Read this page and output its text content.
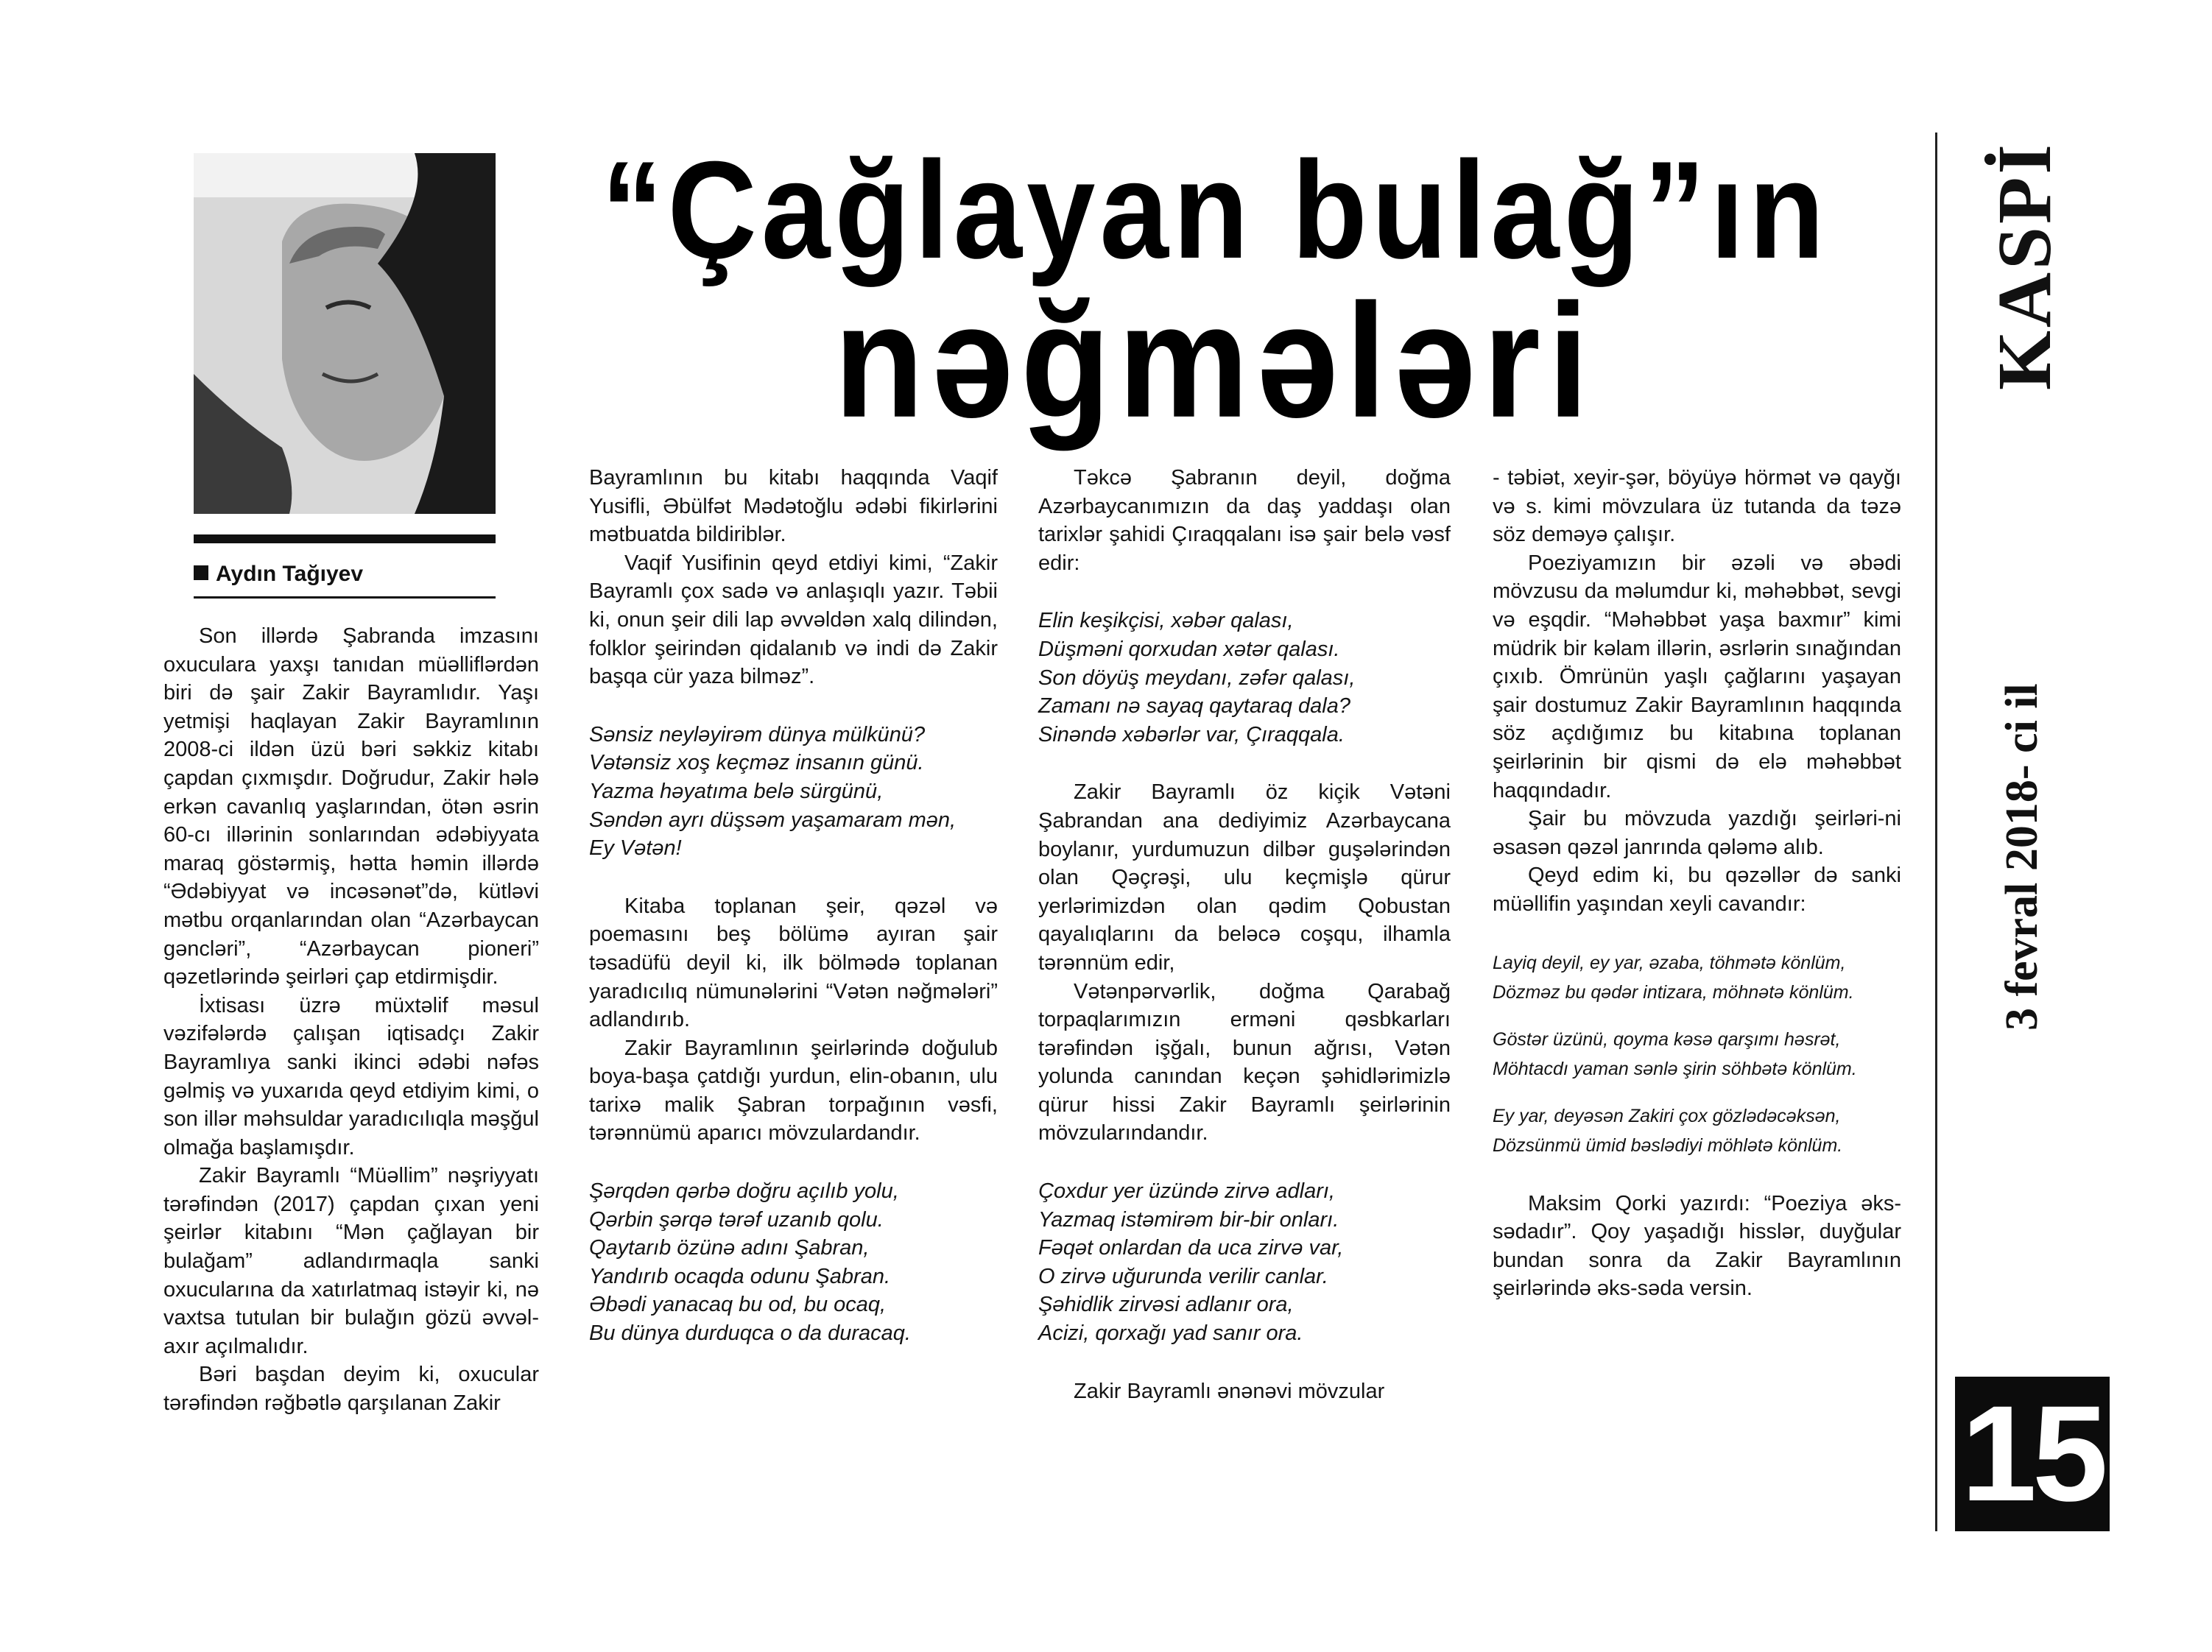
Aydın Tağıyev
“Çağlayan bulağ”ın
nəğmələri

Son illərdə Şabranda imzasını oxuculara yaxşı tanıdan müəlliflərdən biri də şair Zakir Bayramlıdır. Yaşı yetmişi haqlayan Zakir Bayramlının 2008-ci ildən üzü bəri səkkiz kitabı çapdan çıxmışdır. Doğrudur, Zakir hələ erkən cavanlıq yaşlarından, ötən əsrin 60-cı illərinin sonlarından ədəbiyyata maraq göstərmiş, hətta həmin illərdə “Ədəbiyyat və incəsənət”də, kütləvi mətbu orqanlarından olan “Azərbaycan gəncləri”, “Azərbaycan pioneri” qəzetlərində şeirləri çap etdirmişdir.

İxtisası üzrə müxtəlif məsul vəzifələrdə çalışan iqtisadçı Zakir Bayramlıya sanki ikinci ədəbi nəfəs gəlmiş və yuxarıda qeyd etdiyim kimi, o son illər məhsuldar yaradıcılıqla məşğul olmağa başlamışdır.

Zakir Bayramlı “Müəllim” nəşriyyatı tərəfindən (2017) çapdan çıxan yeni şeirlər kitabını “Mən çağlayan bir bulağam” adlandırmaqla sanki oxucularına da xatırlatmaq istəyir ki, nə vaxtsa tutulan bir bulağın gözü əvvəl-axır açılmalıdır.

Bəri başdan deyim ki, oxucular tərəfindən rəğbətlə qarşılanan Zakir

Bayramlının bu kitabı haqqında Vaqif Yusifli, Əbülfət Mədətoğlu ədəbi fikirlərini mətbuatda bildiriblər.

Vaqif Yusifinin qeyd etdiyi kimi, “Zakir Bayramlı çox sadə və anlaşıqlı yazır. Təbii ki, onun şeir dili lap əvvəldən xalq dilindən, folklor şeirindən qidalanıb və indi də Zakir başqa cür yaza bilməz”.

Sənsiz neyləyirəm dünya mülkünü?
Vətənsiz xoş keçməz insanın günü.
Yazma həyatıma belə sürgünü,
Səndən ayrı düşsəm yaşamaram mən,
Ey Vətən!

Kitaba toplanan şeir, qəzəl və poemasını beş bölümə ayıran şair təsadüfü deyil ki, ilk bölmədə toplanan yaradıcılıq nümunələrini “Vətən nəğmələri” adlandırıb.

Zakir Bayramlının şeirlərində doğulub boya-başa çatdığı yurdun, elin-obanın, ulu tarixə malik Şabran torpağının vəsfi, tərənnümü aparıcı mövzulardandır.

Şərqdən qərbə doğru açılıb yolu,
Qərbin şərqə tərəf uzanıb qolu.
Qaytarıb özünə adını Şabran,
Yandırıb ocaqda odunu Şabran.
Əbədi yanacaq bu od, bu ocaq,
Bu dünya durduqca o da duracaq.

Təkcə Şabranın deyil, doğma Azərbaycanımızın da daş yaddaşı olan tarixlər şahidi Çıraqqalanı isə şair belə vəsf edir:

Elin keşikçisi, xəbər qalası,
Düşməni qorxudan xətər qalası.
Son döyüş meydanı, zəfər qalası,
Zamanı nə sayaq qaytaraq dala?
Sinəndə xəbərlər var, Çıraqqala.

Zakir Bayramlı öz kiçik Vətəni Şabrandan ana dediyimiz Azərbaycana boylanır, yurdumuzun dilbər guşələrindən olan Qəçrəşi, ulu keçmişlə qürur yerlərimizdən olan qədim Qobustan qayalıqlarını da beləcə coşqu, ilhamla tərənnüm edir,

Vətənpərvərlik, doğma Qarabağ torpaqlarımızın erməni qəsbkarları tərəfindən işğalı, bunun ağrısı, Vətən yolunda canından keçən şəhidlərimizlə qürur hissi Zakir Bayramlı şeirlərinin mövzularındandır.

Çoxdur yer üzündə zirvə adları,
Yazmaq istəmirəm bir-bir onları.
Fəqət onlardan da uca zirvə var,
O zirvə uğurunda verilir canlar.
Şəhidlik zirvəsi adlanır ora,
Acizi, qorxağı yad sanır ora.

Zakir Bayramlı ənənəvi mövzular

- təbiət, xeyir-şər, böyüyə hörmət və qayğı və s. kimi mövzulara üz tutanda da təzə söz deməyə çalışır.

Poeziyamızın bir əzəli və əbədi mövzusu da məlumdur ki, məhəbbət, sevgi və eşqdir. “Məhəbbət yaşa baxmır” kimi müdrik bir kəlam illərin, əsrlərin sınağından çıxıb. Ömrünün yaşlı çağlarını yaşayan şair dostumuz Zakir Bayramlının haqqında söz açdığımız bu kitabına toplanan şeirlərinin bir qismi də elə məhəbbət haqqındadır.

Şair bu mövzuda yazdığı şeirləri-ni əsasən qəzəl janrında qələmə alıb.

Qeyd edim ki, bu qəzəllər də sanki müəllifin yaşından xeyli cavandır:

Layiq deyil, ey yar, əzaba, töhmətə könlüm,
Dözməz bu qədər intizara, möhnətə könlüm.
Göstər üzünü, qoyma kəsə qarşımı həsrət,
Möhtacdı yaman sənlə şirin söhbətə könlüm.
Ey yar, deyəsən Zakiri çox gözlədəcəksən,
Dözsünmü ümid bəslədiyi möhlətə könlüm.

Maksim Qorki yazırdı: “Poeziya əks-sədadır”. Qoy yaşadığı hisslər, duyğular bundan sonra da Zakir Bayramlının şeirlərində əks-səda versin.

KASPİ
3 fevral 2018- ci il
15
